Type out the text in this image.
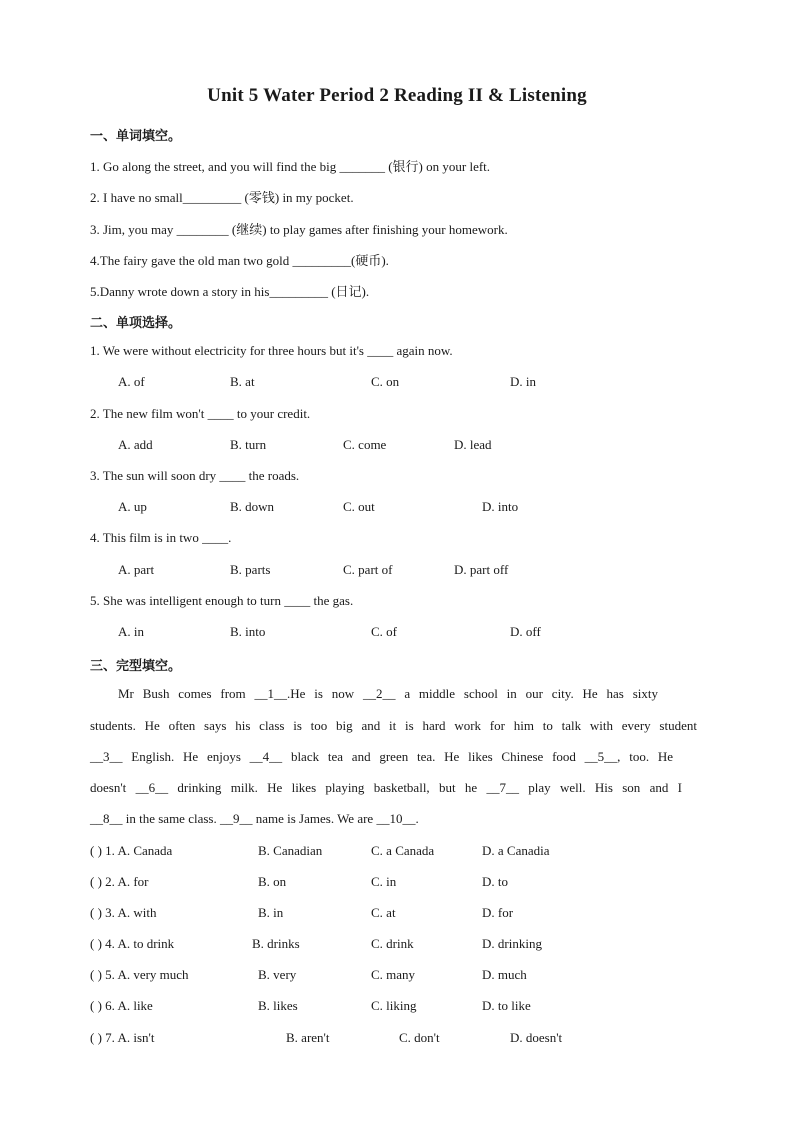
Unit 5 Water Period 2 Reading II & Listening
一、单词填空。
1. Go along the street, and you will find the big _______ (银行) on your left.
2. I have no small_________ (零钱) in my pocket.
3. Jim, you may ________ (继续) to play games after finishing your homework.
4.The fairy gave the old man two gold _________(硬币).
5.Danny wrote down a story in his_________ (日记).
二、单项选择。
1. We were without electricity for three hours but it's ____ again now.
A. of	B. at	C. on	D. in
2. The new film won't ____ to your credit.
A. add	B. turn	C. come	D. lead
3. The sun will soon dry ____ the roads.
A. up	B. down	C. out	D. into
4. This film is in two ____.
A. part	B. parts	C. part of	D. part off
5. She was intelligent enough to turn ____ the gas.
A. in	B. into	C. of	D. off
三、完型填空。
Mr Bush comes from __1__.He is now __2__ a middle school in our city. He has sixty
students. He often says his class is too big and it is hard work for him to talk with every student
__3__ English. He enjoys __4__ black tea and green tea. He likes Chinese food __5__, too. He
doesn't __6__ drinking milk. He likes playing basketball, but he __7__ play well. His son and I
__8__ in the same class. __9__ name is James. We are __10__.
( ) 1. A. Canada	B. Canadian	C. a Canada	D. a Canadia
( ) 2. A. for	B. on	C. in	D. to
( ) 3. A. with	B. in	C. at	D. for
( ) 4. A. to drink	B. drinks	C. drink	D. drinking
( ) 5. A. very much	B. very	C. many	D. much
( ) 6. A. like	B. likes	C. liking	D. to like
( ) 7. A. isn't	B. aren't	C. don't	D. doesn't
